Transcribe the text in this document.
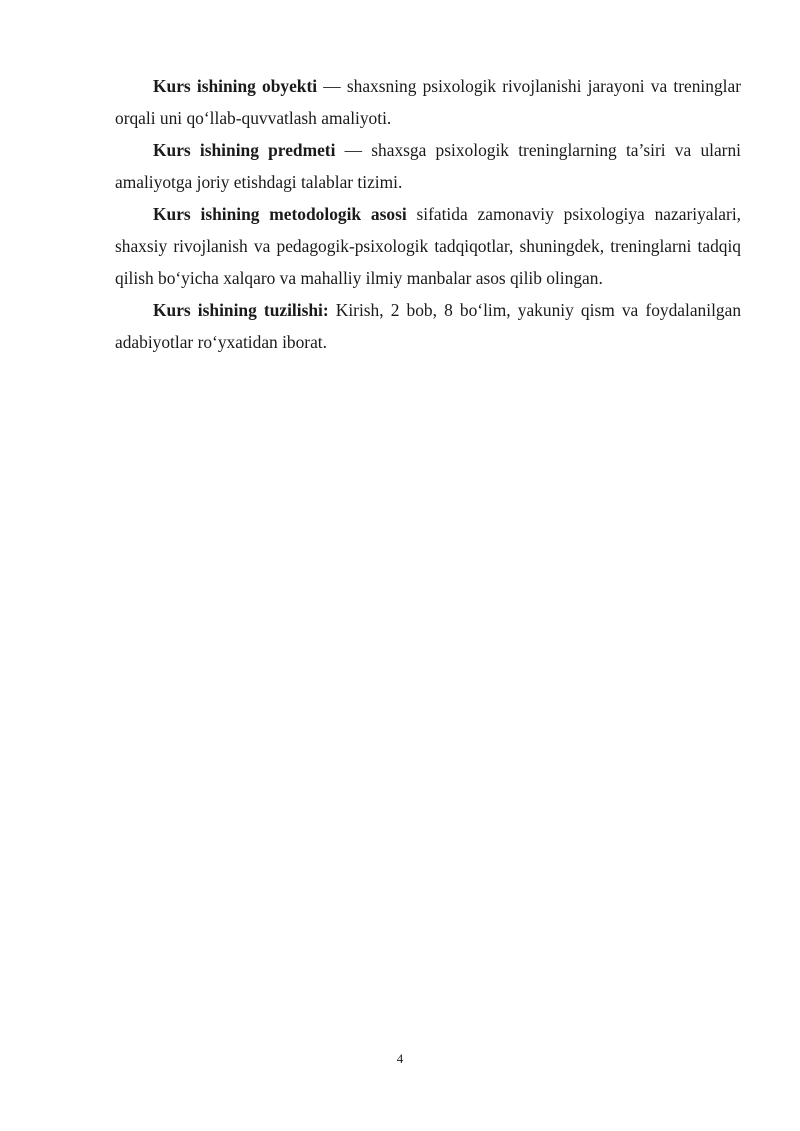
Kurs ishining obyekti — shaxsning psixologik rivojlanishi jarayoni va treninglar orqali uni qo‘llab-quvvatlash amaliyoti.

Kurs ishining predmeti — shaxsga psixologik treninglarning ta’siri va ularni amaliyotga joriy etishdagi talablar tizimi.

Kurs ishining metodologik asosi sifatida zamonaviy psixologiya nazariyalari, shaxsiy rivojlanish va pedagogik-psixologik tadqiqotlar, shuningdek, treninglarni tadqiq qilish bo‘yicha xalqaro va mahalliy ilmiy manbalar asos qilib olingan.

Kurs ishining tuzilishi: Kirish, 2 bob, 8 bo‘lim, yakuniy qism va foydalanilgan adabiyotlar ro‘yxatidan iborat.

4
